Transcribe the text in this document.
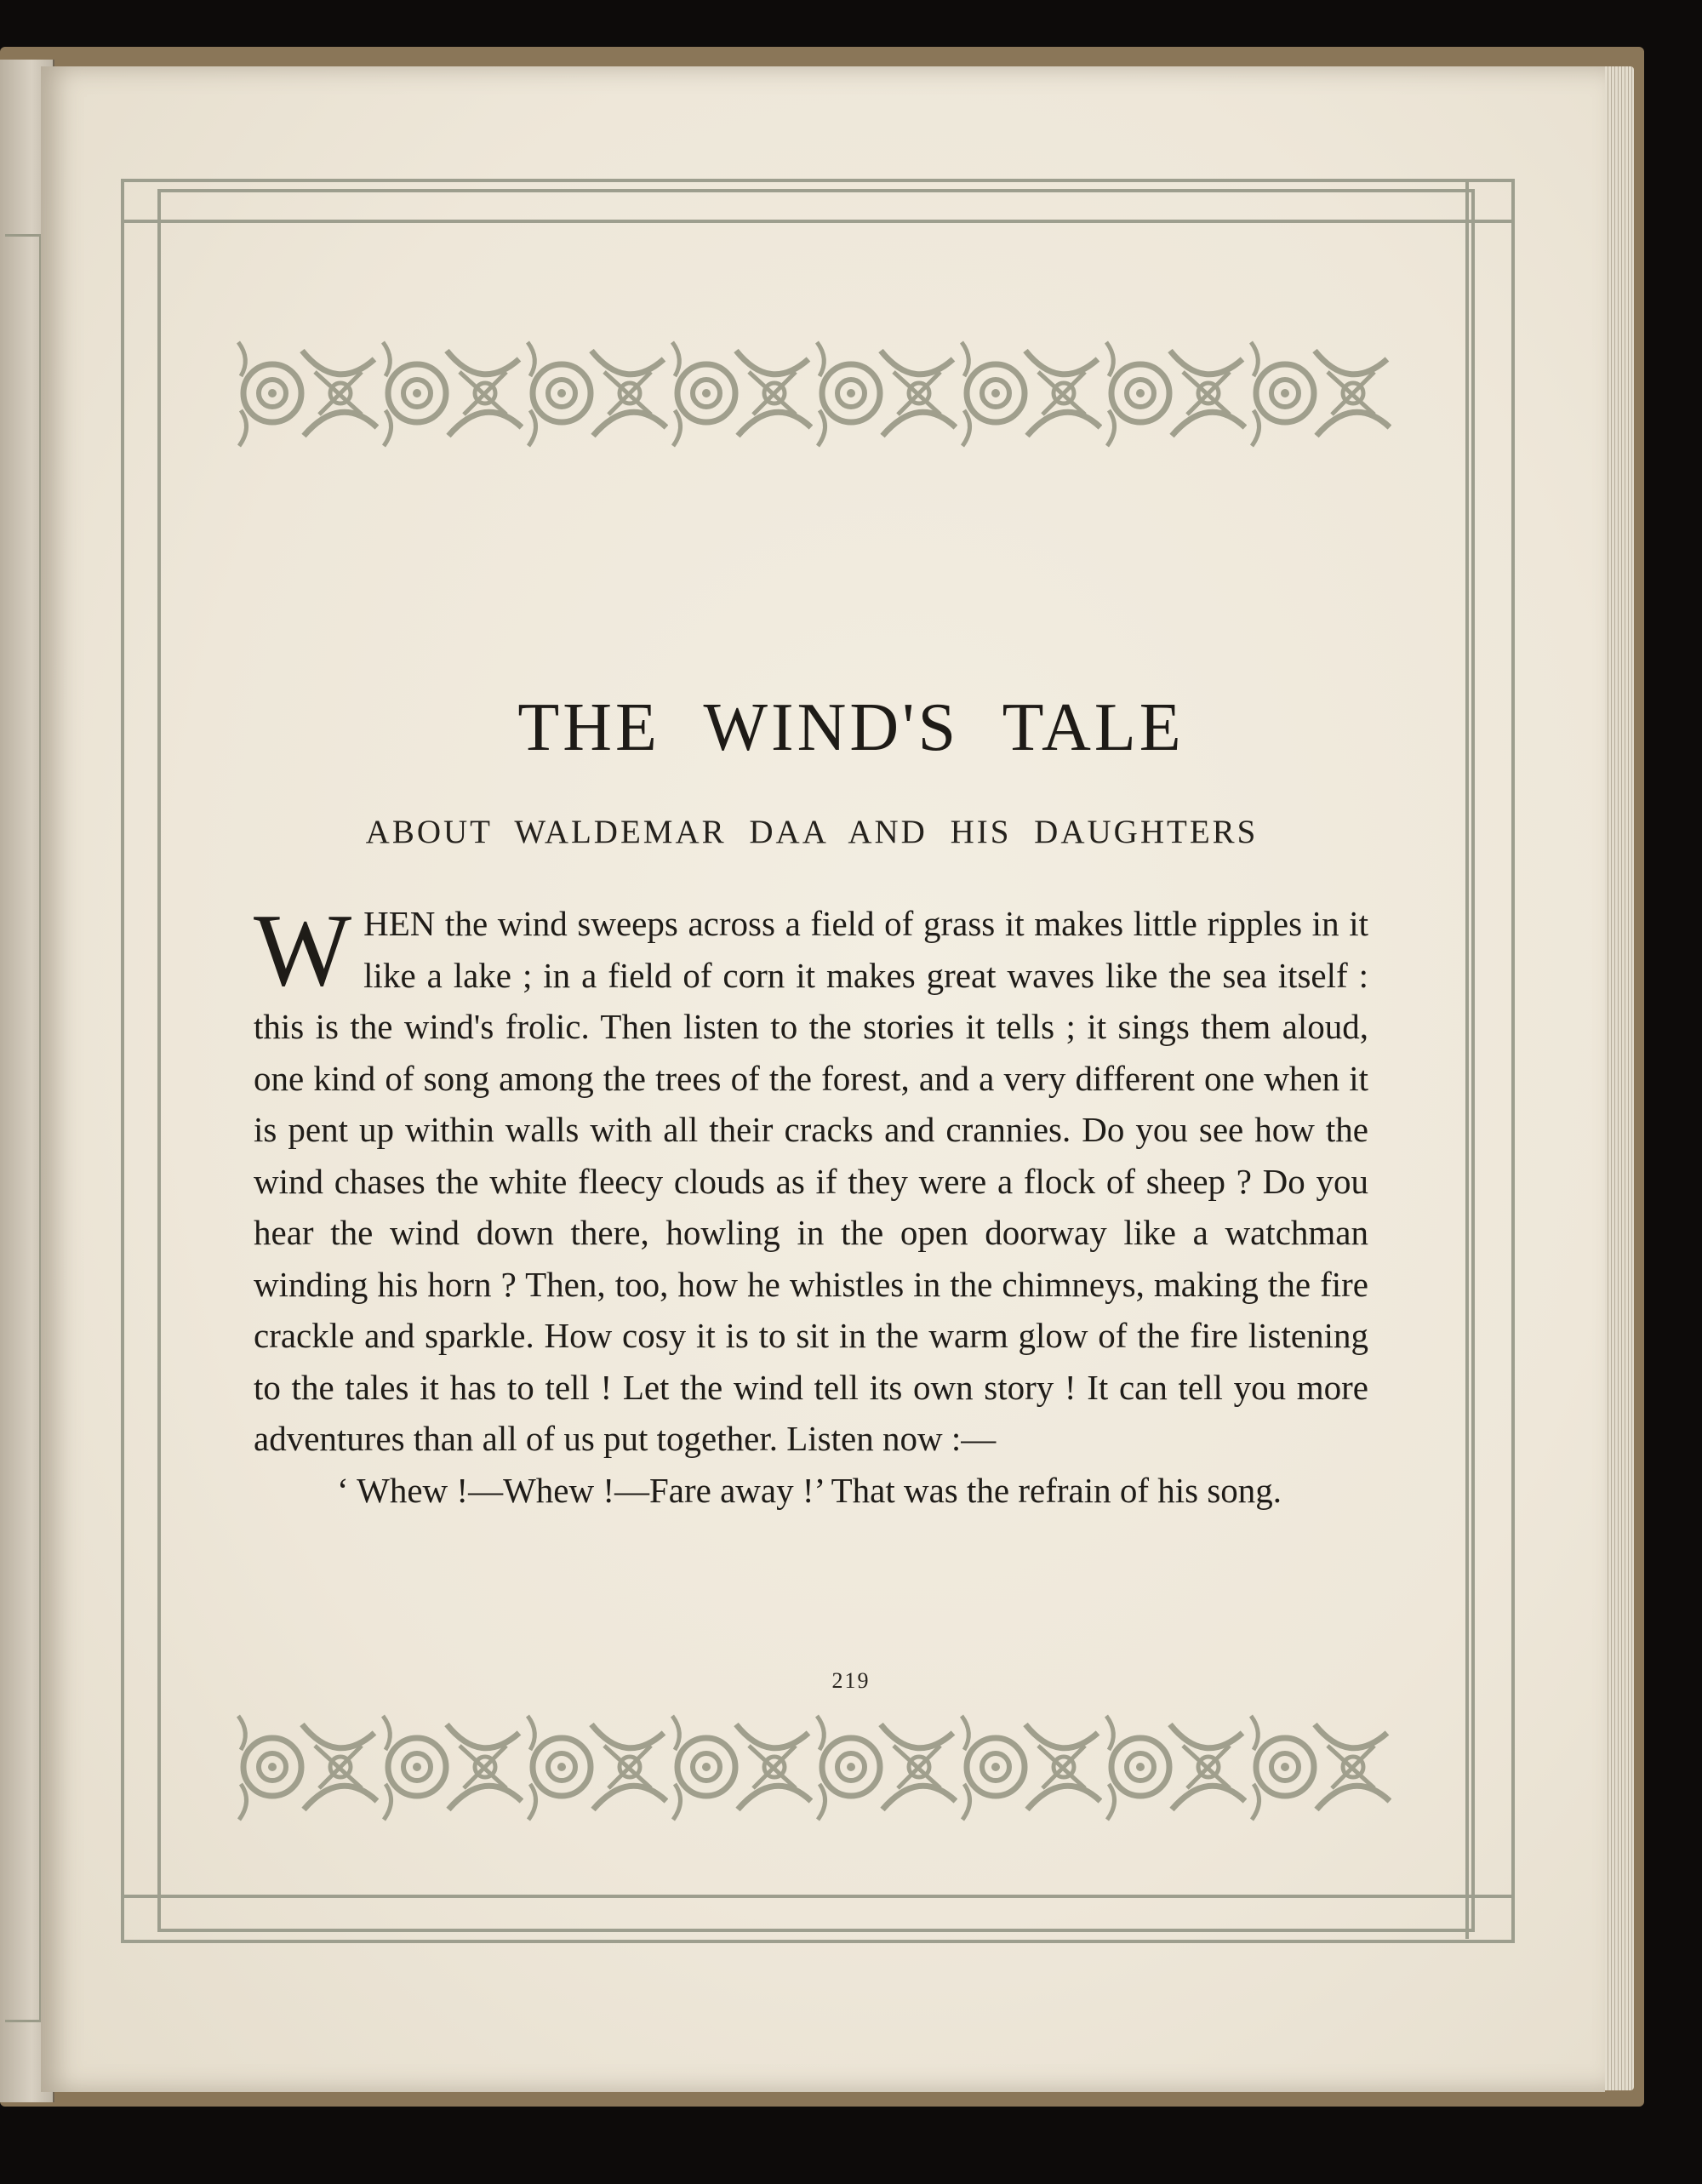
THE WIND'S TALE

ABOUT WALDEMAR DAA AND HIS DAUGHTERS

WHEN the wind sweeps across a field of grass it makes little ripples in it like a lake ; in a field of corn it makes great waves like the sea itself : this is the wind's frolic. Then listen to the stories it tells ; it sings them aloud, one kind of song among the trees of the forest, and a very different one when it is pent up within walls with all their cracks and crannies. Do you see how the wind chases the white fleecy clouds as if they were a flock of sheep ? Do you hear the wind down there, howling in the open doorway like a watchman winding his horn ? Then, too, how he whistles in the chimneys, making the fire crackle and sparkle. How cosy it is to sit in the warm glow of the fire listening to the tales it has to tell ! Let the wind tell its own story ! It can tell you more adventures than all of us put together. Listen now :—

‘ Whew !—Whew !—Fare away !’ That was the refrain of his song.

219
